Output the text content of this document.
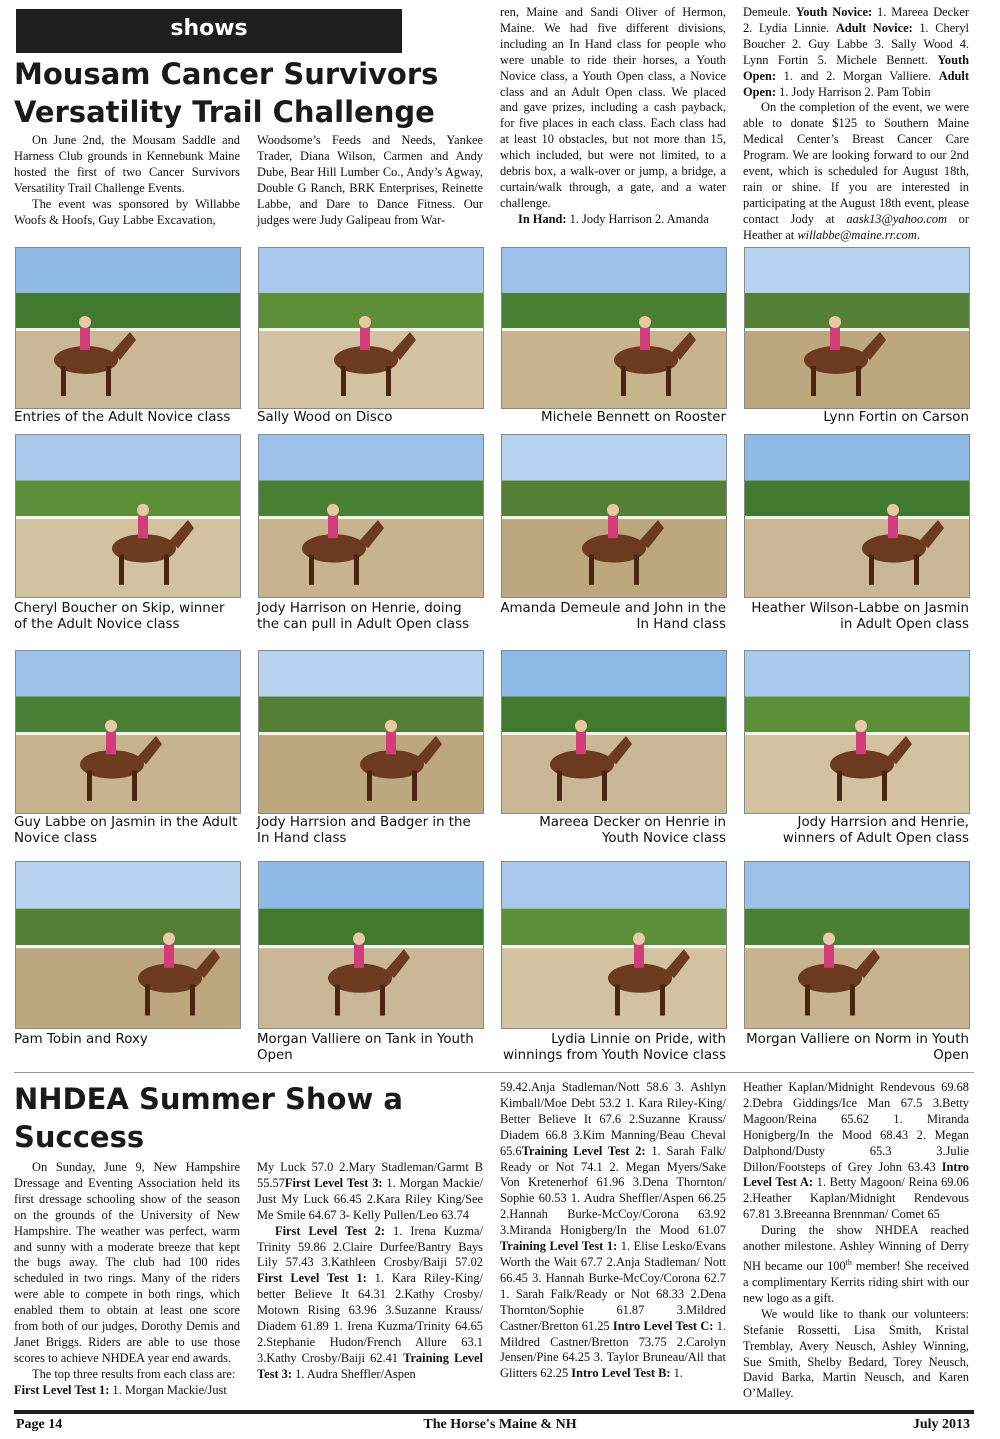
shows
Mousam Cancer Survivors Versatility Trail Challenge

On June 2nd, the Mousam Saddle and Harness Club grounds in Kennebunk Maine hosted the first of two Cancer Survivors Versatility Trail Challenge Events.

The event was sponsored by Willabbe Woofs & Hoofs, Guy Labbe Excavation,

Woodsome’s Feeds and Needs, Yankee Trader, Diana Wilson, Carmen and Andy Dube, Bear Hill Lumber Co., Andy’s Agway, Double G Ranch, BRK Enterprises, Reinette Labbe, and Dare to Dance Fitness. Our judges were Judy Galipeau from War-

ren, Maine and Sandi Oliver of Hermon, Maine. We had five different divisions, including an In Hand class for people who were unable to ride their horses, a Youth Novice class, a Youth Open class, a Novice class and an Adult Open class. We placed and gave prizes, including a cash payback, for five places in each class. Each class had at least 10 obstacles, but not more than 15, which included, but were not limited, to a debris box, a walk-over or jump, a bridge, a curtain/walk through, a gate, and a water challenge.

In Hand: 1. Jody Harrison 2. Amanda

Demeule. Youth Novice: 1. Mareea Decker 2. Lydia Linnie. Adult Novice: 1. Cheryl Boucher 2. Guy Labbe 3. Sally Wood 4. Lynn Fortin 5. Michele Bennett. Youth Open: 1. and 2. Morgan Valliere. Adult Open: 1. Jody Harrison 2. Pam Tobin

On the completion of the event, we were able to donate $125 to Southern Maine Medical Center’s Breast Cancer Care Program. We are looking forward to our 2nd event, which is scheduled for August 18th, rain or shine. If you are interested in participating at the August 18th event, please contact Jody at aask13@yahoo.com or Heather at willabbe@maine.rr.com.

Entries of the Adult Novice class	Sally Wood on Disco	Michele Bennett on Rooster	Lynn Fortin on Carson
Cheryl Boucher on Skip, winner of the Adult Novice class
Jody Harrison on Henrie, doing the can pull in Adult Open class
Amanda Demeule and John in the In Hand class
Heather Wilson-Labbe on Jasmin in Adult Open class
Guy Labbe on Jasmin in the Adult Novice class
Jody Harrsion and Badger in the In Hand class
Mareea Decker on Henrie in Youth Novice class
Jody Harrsion and Henrie, winners of Adult Open class
Pam Tobin and Roxy	Morgan Valliere on Tank in Youth Open
Lydia Linnie on Pride, with winnings from Youth Novice class
Morgan Valliere on Norm in Youth Open
NHDEA Summer Show a Success

On Sunday, June 9, New Hampshire Dressage and Eventing Association held its first dressage schooling show of the season on the grounds of the University of New Hampshire. The weather was perfect, warm and sunny with a moderate breeze that kept the bugs away. The club had 100 rides scheduled in two rings. Many of the riders were able to compete in both rings, which enabled them to obtain at least one score from both of our judges, Dorothy Demis and Janet Briggs. Riders are able to use those scores to achieve NHDEA year end awards.

The top three results from each class are:

First Level Test 1: 1. Morgan Mackie/Just

My Luck 57.0 2.Mary Stadleman/Garmt B 55.57First Level Test 3: 1. Morgan Mackie/ Just My Luck 66.45 2.Kara Riley King/See Me Smile 64.67 3- Kelly Pullen/Leo 63.74

First Level Test 2: 1. Irena Kuzma/ Trinity 59.86 2.Claire Durfee/Bantry Bays Lily 57.43 3.Kathleen Crosby/Baiji 57.02 First Level Test 1: 1. Kara Riley-King/ better Believe It 64.31 2.Kathy Crosby/ Motown Rising 63.96 3.Suzanne Krauss/ Diadem 61.89 1. Irena Kuzma/Trinity 64.65 2.Stephanie Hudon/French Allure 63.1 3.Kathy Crosby/Baiji 62.41 Training Level Test 3: 1. Audra Sheffler/Aspen

59.42.Anja Stadleman/Nott 58.6 3. Ashlyn Kimball/Moe Debt 53.2 1. Kara Riley-King/ Better Believe It 67.6 2.Suzanne Krauss/ Diadem 66.8 3.Kim Manning/Beau Cheval 65.6Training Level Test 2: 1. Sarah Falk/ Ready or Not 74.1 2. Megan Myers/Sake Von Kretenerhof 61.96 3.Dena Thornton/ Sophie 60.53 1. Audra Sheffler/Aspen 66.25 2.Hannah Burke-McCoy/Corona 63.92 3.Miranda Honigberg/In the Mood 61.07 Training Level Test 1: 1. Elise Lesko/Evans Worth the Wait 67.7 2.Anja Stadleman/ Nott 66.45 3. Hannah Burke-McCoy/Corona 62.7 1. Sarah Falk/Ready or Not 68.33 2.Dena Thornton/Sophie 61.87 3.Mildred Castner/Bretton 61.25 Intro Level Test C: 1. Mildred Castner/Bretton 73.75 2.Carolyn Jensen/Pine 64.25 3. Taylor Bruneau/All that Glitters 62.25 Intro Level Test B: 1.

Heather Kaplan/Midnight Rendevous 69.68 2.Debra Giddings/Ice Man 67.5 3.Betty Magoon/Reina 65.62 1. Miranda Honigberg/In the Mood 68.43 2. Megan Dalphond/Dusty 65.3 3.Julie Dillon/Footsteps of Grey John 63.43 Intro Level Test A: 1. Betty Magoon/ Reina 69.06 2.Heather Kaplan/Midnight Rendevous 67.81 3.Breeanna Brennman/ Comet 65

During the show NHDEA reached another milestone. Ashley Winning of Derry NH became our 100th member! She received a complimentary Kerrits riding shirt with our new logo as a gift.

We would like to thank our volunteers: Stefanie Rossetti, Lisa Smith, Kristal Tremblay, Avery Neusch, Ashley Winning, Sue Smith, Shelby Bedard, Torey Neusch, David Barka, Martin Neusch, and Karen O’Malley.

Page 14	The Horse's Maine & NH	July 2013
